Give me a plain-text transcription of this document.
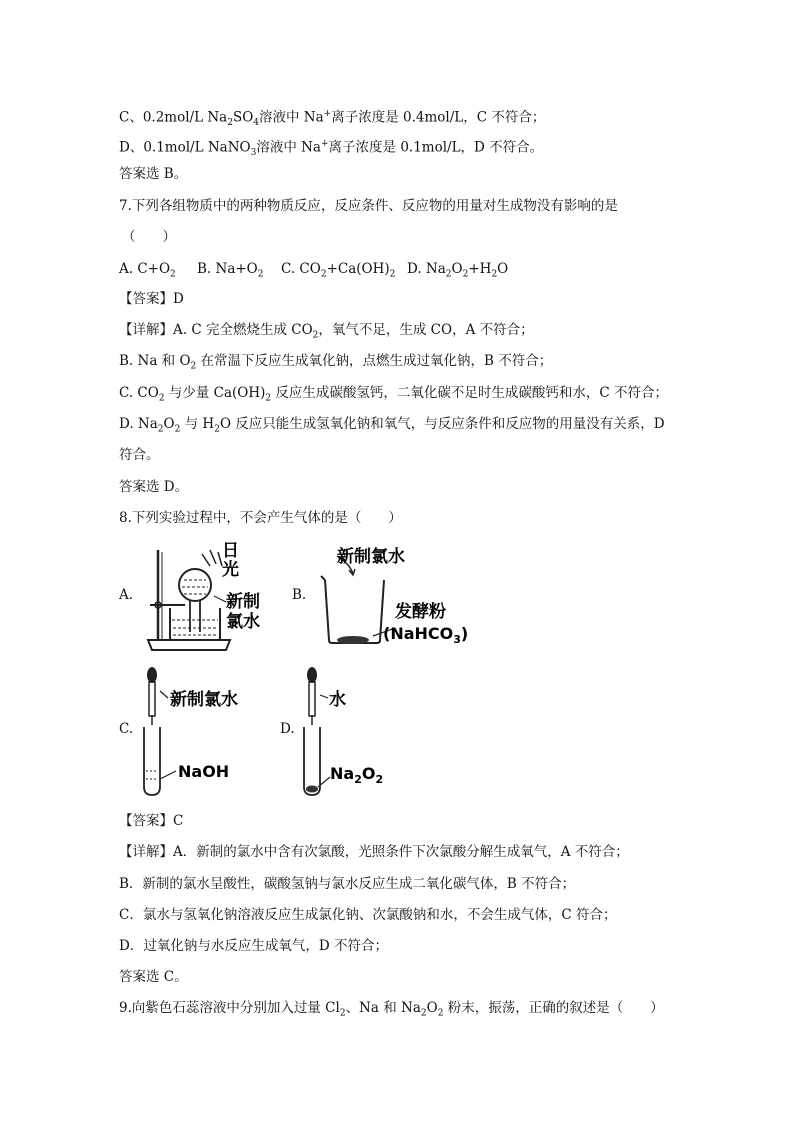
C、0.2mol/L $Na_2SO_4$溶液中 Na+离子浓度是 0.4mol/L，C 不符合；
D、0.1mol/L NaNO$_3$溶液中 Na+离子浓度是 0.1mol/L，D 不符合。
答案选 B。
7.下列各组物质中的两种物质反应，反应条件、反应物的用量对生成物没有影响的是
（　　）
A. $C+O_2$ B. $Na+O_2$ C. $CO_2+Ca(OH)_2$ D. $Na_2O_2+H_2O$
【答案】D
【详解】A. C 完全燃烧生成 $CO_2$，氧气不足，生成 CO，A 不符合；
B. Na 和 $O_2$ 在常温下反应生成氧化钠，点燃生成过氧化钠，B 不符合；
C. $CO_2$ 与少量 $Ca(OH)_2$ 反应生成碳酸氢钙，二氧化碳不足时生成碳酸钙和水，C 不符合；
D. $Na_2O_2$ 与 $H_2O$ 反应只能生成氢氧化钠和氧气，与反应条件和反应物的用量没有关系，D
符合。
答案选 D。
8.下列实验过程中，不会产生气体的是（　　）
A.
日
光
新制
氯水
B.
新制氯水
发酵粉
(NaHCO$_3$)
C.
新制氯水
NaOH
D.
水
$Na_2O_2$
【答案】C
【详解】A．新制的氯水中含有次氯酸，光照条件下次氯酸分解生成氧气，A 不符合；
B．新制的氯水呈酸性，碳酸氢钠与氯水反应生成二氧化碳气体，B 不符合；
C．氯水与氢氧化钠溶液反应生成氯化钠、次氯酸钠和水，不会生成气体，C 符合；
D．过氧化钠与水反应生成氧气，D 不符合；
答案选 C。
9.向紫色石蕊溶液中分别加入过量 $Cl_2$、Na 和 $Na_2O_2$ 粉末，振荡，正确的叙述是（　　）
